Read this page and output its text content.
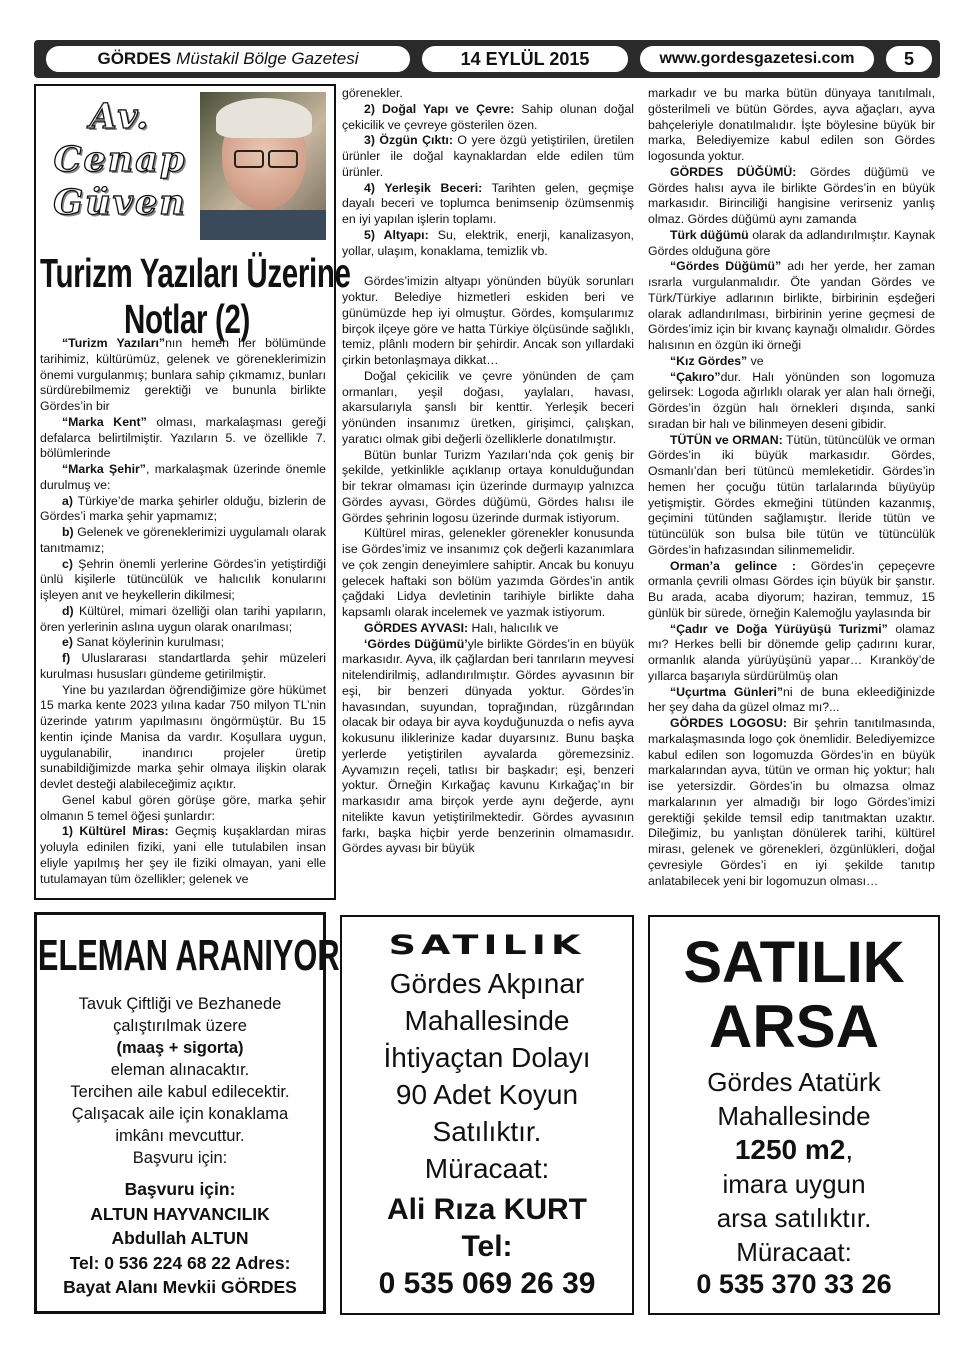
GÖRDES Müstakil Bölge Gazetesi	14 EYLÜL 2015	www.gordesgazetesi.com	5
Av.
Cenap
Güven
Turizm Yazıları Üzerine
Notlar (2)

“Turizm Yazıları”nın hemen her bölümünde tarihimiz, kültürümüz, gelenek ve göreneklerimizin önemi vurgulanmış; bunlara sahip çıkmamız, bunları sürdürebilmemiz gerektiği ve bununla birlikte Gördes’in bir

“Marka Kent” olması, markalaşması gereği defalarca belirtilmiştir. Yazıların 5. ve özellikle 7. bölümlerinde

“Marka Şehir”, markalaşmak üzerinde önemle durulmuş ve:

a) Türkiye’de marka şehirler olduğu, bizlerin de Gördes’i marka şehir yapmamız;

b) Gelenek ve göreneklerimizi uygulamalı olarak tanıtmamız;

c) Şehrin önemli yerlerine Gördes’in yetiştirdiği ünlü kişilerle tütüncülük ve halıcılık konularını işleyen anıt ve heykellerin dikilmesi;

d) Kültürel, mimari özelliği olan tarihi yapıların, ören yerlerinin aslına uygun olarak onarılması;

e) Sanat köylerinin kurulması;

f) Uluslararası standartlarda şehir müzeleri kurulması hususları gündeme getirilmiştir.

Yine bu yazılardan öğrendiğimize göre hükümet 15 marka kente 2023 yılına kadar 750 milyon TL’nin üzerinde yatırım yapılmasını öngörmüştür. Bu 15 kentin içinde Manisa da vardır. Koşullara uygun, uygulanabilir, inandırıcı projeler üretip sunabildiğimizde marka şehir olmaya ilişkin olarak devlet desteği alabileceğimiz açıktır.

Genel kabul gören görüşe göre, marka şehir olmanın 5 temel öğesi şunlardır:

1) Kültürel Miras: Geçmiş kuşaklardan miras yoluyla edinilen fiziki, yani elle tutulabilen insan eliyle yapılmış her şey ile fiziki olmayan, yani elle tutulamayan tüm özellikler; gelenek ve

görenekler.

2) Doğal Yapı ve Çevre: Sahip olunan doğal çekicilik ve çevreye gösterilen özen.

3) Özgün Çıktı: O yere özgü yetiştirilen, üretilen ürünler ile doğal kaynaklardan elde edilen tüm ürünler.

4) Yerleşik Beceri: Tarihten gelen, geçmişe dayalı beceri ve toplumca benimsenip özümsenmiş en iyi yapılan işlerin toplamı.

5) Altyapı: Su, elektrik, enerji, kanalizasyon, yollar, ulaşım, konaklama, temizlik vb.

Gördes’imizin altyapı yönünden büyük sorunları yoktur. Belediye hizmetleri eskiden beri ve günümüzde hep iyi olmuştur. Gördes, komşularımız birçok ilçeye göre ve hatta Türkiye ölçüsünde sağlıklı, temiz, plânlı modern bir şehirdir. Ancak son yıllardaki çirkin betonlaşmaya dikkat…

Doğal çekicilik ve çevre yönünden de çam ormanları, yeşil doğası, yaylaları, havası, akarsularıyla şanslı bir kenttir. Yerleşik beceri yönünden insanımız üretken, girişimci, çalışkan, yaratıcı olmak gibi değerli özelliklerle donatılmıştır.

Bütün bunlar Turizm Yazıları’nda çok geniş bir şekilde, yetkinlikle açıklanıp ortaya konulduğundan bir tekrar olmaması için üzerinde durmayıp yalnızca Gördes ayvası, Gördes düğümü, Gördes halısı ile Gördes şehrinin logosu üzerinde durmak istiyorum.

Kültürel miras, gelenekler görenekler konusunda ise Gördes’imiz ve insanımız çok değerli kazanımlara ve çok zengin deneyimlere sahiptir. Ancak bu konuyu gelecek haftaki son bölüm yazımda Gördes’in antik çağdaki Lidya devletinin tarihiyle birlikte daha kapsamlı olarak incelemek ve yazmak istiyorum.

GÖRDES AYVASI: Halı, halıcılık ve

‘Gördes Düğümü’yle birlikte Gördes’in en büyük markasıdır. Ayva, ilk çağlardan beri tanrıların meyvesi nitelendirilmiş, adlandırılmıştır. Gördes ayvasının bir eşi, bir benzeri dünyada yoktur. Gördes’in havasından, suyundan, toprağından, rüzgârından olacak bir odaya bir ayva koyduğunuzda o nefis ayva kokusunu iliklerinize kadar duyarsınız. Bunu başka yerlerde yetiştirilen ayvalarda göremezsiniz. Ayvamızın reçeli, tatlısı bir başkadır; eşi, benzeri yoktur. Örneğin Kırkağaç kavunu Kırkağaç’ın bir markasıdır ama birçok yerde aynı değerde, aynı nitelikte kavun yetiştirilmektedir. Gördes ayvasının farkı, başka hiçbir yerde benzerinin olmamasıdır. Gördes ayvası bir büyük

markadır ve bu marka bütün dünyaya tanıtılmalı, gösterilmeli ve bütün Gördes, ayva ağaçları, ayva bahçeleriyle donatılmalıdır. İşte böylesine büyük bir marka, Belediyemize kabul edilen son Gördes logosunda yoktur.

GÖRDES DÜĞÜMÜ: Gördes düğümü ve Gördes halısı ayva ile birlikte Gördes’in en büyük markasıdır. Birinciliği hangisine verirseniz yanlış olmaz. Gördes düğümü aynı zamanda

Türk düğümü olarak da adlandırılmıştır. Kaynak Gördes olduğuna göre

“Gördes Düğümü” adı her yerde, her zaman ısrarla vurgulanmalıdır. Öte yandan Gördes ve Türk/Türkiye adlarının birlikte, birbirinin eşdeğeri olarak adlandırılması, birbirinin yerine geçmesi de Gördes’imiz için bir kıvanç kaynağı olmalıdır. Gördes halısının en özgün iki örneği

“Kız Gördes” ve

“Çakıro”dur. Halı yönünden son logomuza gelirsek: Logoda ağırlıklı olarak yer alan halı örneği, Gördes’in özgün halı örnekleri dışında, sanki sıradan bir halı ve bilinmeyen deseni gibidir.

TÜTÜN ve ORMAN: Tütün, tütüncülük ve orman Gördes’in iki büyük markasıdır. Gördes, Osmanlı’dan beri tütüncü memleketidir. Gördes’in hemen her çocuğu tütün tarlalarında büyüyüp yetişmiştir. Gördes ekmeğini tütünden kazanmış, geçimini tütünden sağlamıştır. İleride tütün ve tütüncülük son bulsa bile tütün ve tütüncülük Gördes’in hafızasından silinmemelidir.

Orman’a gelince : Gördes’in çepeçevre ormanla çevrili olması Gördes için büyük bir şanstır. Bu arada, acaba diyorum; haziran, temmuz, 15 günlük bir sürede, örneğin Kalemoğlu yaylasında bir

“Çadır ve Doğa Yürüyüşü Turizmi” olamaz mı? Herkes belli bir dönemde gelip çadırını kurar, ormanlık alanda yürüyüşünü yapar… Kıranköy’de yıllarca başarıyla sürdürülmüş olan

“Uçurtma Günleri”ni de buna ekleediğinizde her şey daha da güzel olmaz mı?...

GÖRDES LOGOSU: Bir şehrin tanıtılmasında, markalaşmasında logo çok önemlidir. Belediyemizce kabul edilen son logomuzda Gördes’in en büyük markalarından ayva, tütün ve orman hiç yoktur; halı ise yetersizdir. Gördes’in bu olmazsa olmaz markalarının yer almadığı bir logo Gördes’imizi gerektiği şekilde temsil edip tanıtmaktan uzaktır. Dileğimiz, bu yanlıştan dönülerek tarihi, kültürel mirası, gelenek ve görenekleri, özgünlükleri, doğal çevresiyle Gördes’i en iyi şekilde tanıtıp anlatabilecek yeni bir logomuzun olması…

ELEMAN ARANIYOR
Tavuk Çiftliği ve Bezhanede
çalıştırılmak üzere
(maaş + sigorta)
eleman alınacaktır.
Tercihen aile kabul edilecektir.
Çalışacak aile için konaklama
imkânı mevcuttur.
Başvuru için:
Başvuru için:
ALTUN HAYVANCILIK
Abdullah ALTUN
Tel: 0 536 224 68 22 Adres:
Bayat Alanı Mevkii GÖRDES
SATILIK
Gördes Akpınar
Mahallesinde
İhtiyaçtan Dolayı
90 Adet Koyun
Satılıktır.
Müracaat:
Ali Rıza KURT
Tel:
0 535 069 26 39
SATILIK
ARSA
Gördes Atatürk
Mahallesinde
1250 m2,
imara uygun
arsa satılıktır.
Müracaat:
0 535 370 33 26
